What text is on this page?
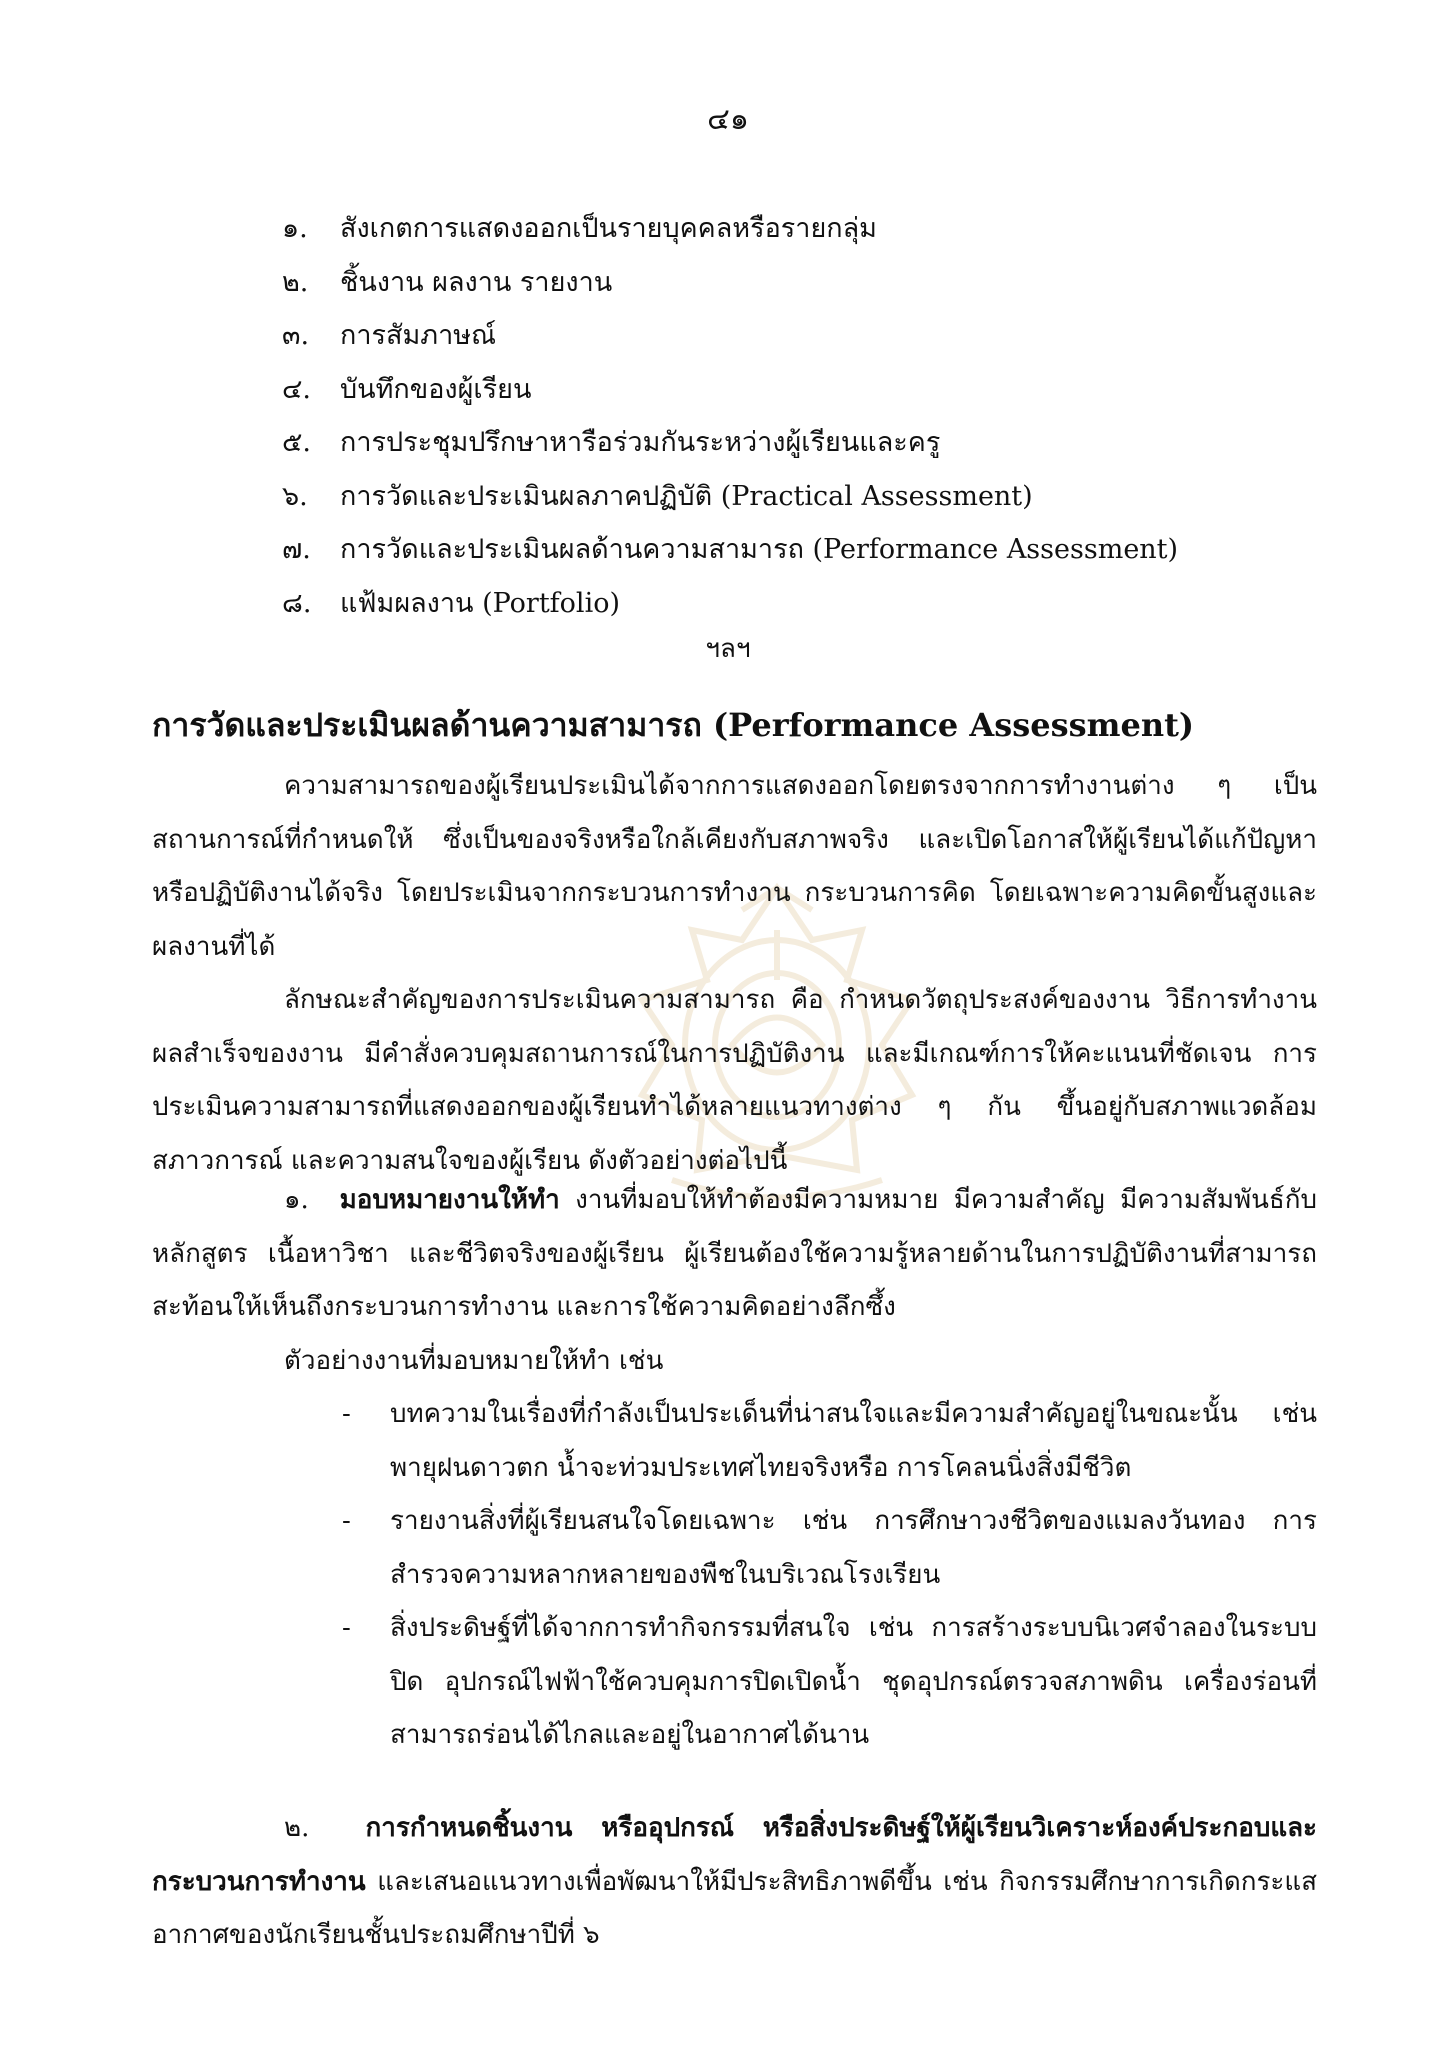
๔๑
๑. สังเกตการแสดงออกเป็นรายบุคคลหรือรายกลุ่ม
๒. ชิ้นงาน ผลงาน รายงาน
๓. การสัมภาษณ์
๔. บันทึกของผู้เรียน
๕. การประชุมปรึกษาหารือร่วมกันระหว่างผู้เรียนและครู
๖. การวัดและประเมินผลภาคปฏิบัติ (Practical Assessment)
๗. การวัดและประเมินผลด้านความสามารถ (Performance Assessment)
๘. แฟ้มผลงาน (Portfolio)
ฯลฯ
การวัดและประเมินผลด้านความสามารถ (Performance Assessment)

ความสามารถของผู้เรียนประเมินได้จากการแสดงออกโดยตรงจากการทำงานต่าง ๆ เป็นสถานการณ์ที่กำหนดให้ ซึ่งเป็นของจริงหรือใกล้เคียงกับสภาพจริง และเปิดโอกาสให้ผู้เรียนได้แก้ปัญหาหรือปฏิบัติงานได้จริง โดยประเมินจากกระบวนการทำงาน กระบวนการคิด โดยเฉพาะความคิดขั้นสูงและผลงานที่ได้

ลักษณะสำคัญของการประเมินความสามารถ คือ กำหนดวัตถุประสงค์ของงาน วิธีการทำงาน ผลสำเร็จของงาน มีคำสั่งควบคุมสถานการณ์ในการปฏิบัติงาน และมีเกณฑ์การให้คะแนนที่ชัดเจน การประเมินความสามารถที่แสดงออกของผู้เรียนทำได้หลายแนวทางต่าง ๆ กัน ขึ้นอยู่กับสภาพแวดล้อม สภาวการณ์ และความสนใจของผู้เรียน ดังตัวอย่างต่อไปนี้

๑. มอบหมายงานให้ทำ งานที่มอบให้ทำต้องมีความหมาย มีความสำคัญ มีความสัมพันธ์กับหลักสูตร เนื้อหาวิชา และชีวิตจริงของผู้เรียน ผู้เรียนต้องใช้ความรู้หลายด้านในการปฏิบัติงานที่สามารถสะท้อนให้เห็นถึงกระบวนการทำงาน และการใช้ความคิดอย่างลึกซึ้ง

ตัวอย่างงานที่มอบหมายให้ทำ เช่น

- บทความในเรื่องที่กำลังเป็นประเด็นที่น่าสนใจและมีความสำคัญอยู่ในขณะนั้น เช่น พายุฝนดาวตก น้ำจะท่วมประเทศไทยจริงหรือ การโคลนนิ่งสิ่งมีชีวิต
- รายงานสิ่งที่ผู้เรียนสนใจโดยเฉพาะ เช่น การศึกษาวงชีวิตของแมลงวันทอง การสำรวจความหลากหลายของพืชในบริเวณโรงเรียน
- สิ่งประดิษฐ์ที่ได้จากการทำกิจกรรมที่สนใจ เช่น การสร้างระบบนิเวศจำลองในระบบปิด อุปกรณ์ไฟฟ้าใช้ควบคุมการปิดเปิดน้ำ ชุดอุปกรณ์ตรวจสภาพดิน เครื่องร่อนที่สามารถร่อนได้ไกลและอยู่ในอากาศได้นาน

๒. การกำหนดชิ้นงาน หรืออุปกรณ์ หรือสิ่งประดิษฐ์ให้ผู้เรียนวิเคราะห์องค์ประกอบและกระบวนการทำงาน และเสนอแนวทางเพื่อพัฒนาให้มีประสิทธิภาพดีขึ้น เช่น กิจกรรมศึกษาการเกิดกระแสอากาศของนักเรียนชั้นประถมศึกษาปีที่ ๖
